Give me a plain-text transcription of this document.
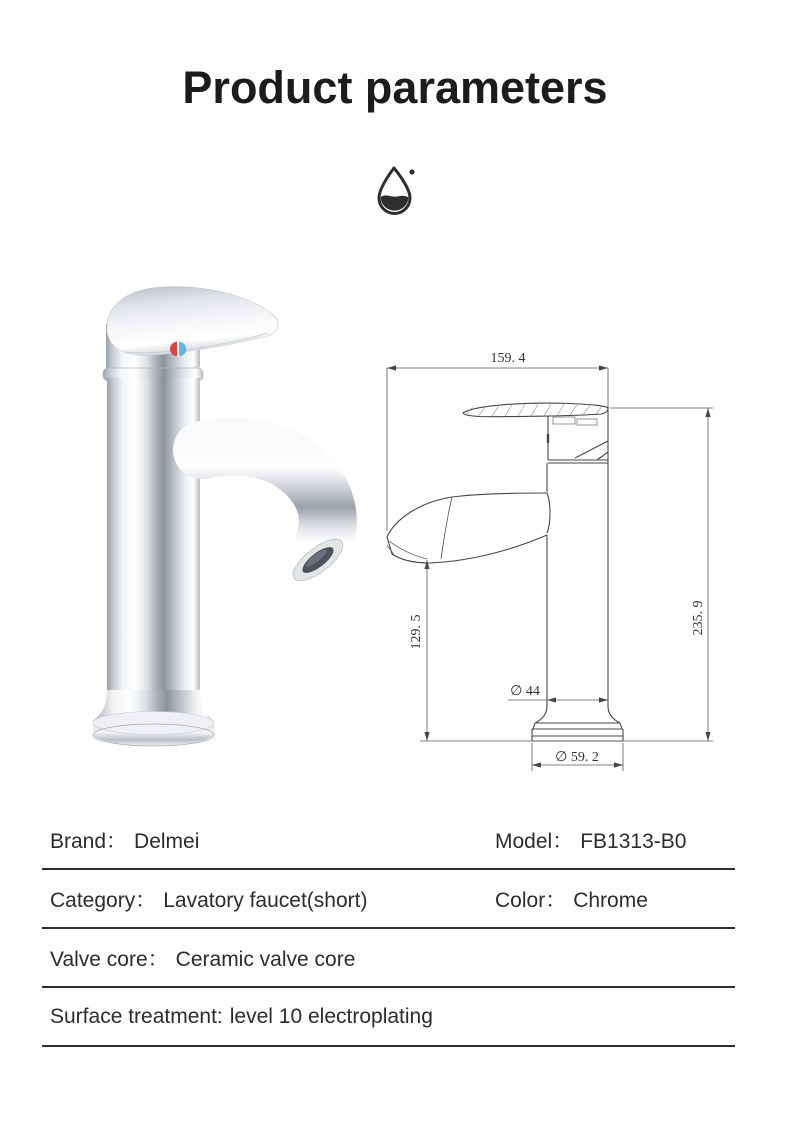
Product parameters
159. 4
235. 9
129. 5
∅ 44
∅ 59. 2
Brand ： Delmei	Model ： FB1313-B0
Category ： Lavatory faucet(short)	Color ： Chrome
Valve core ： Ceramic valve core
Surface treatment : level 10 electroplating
